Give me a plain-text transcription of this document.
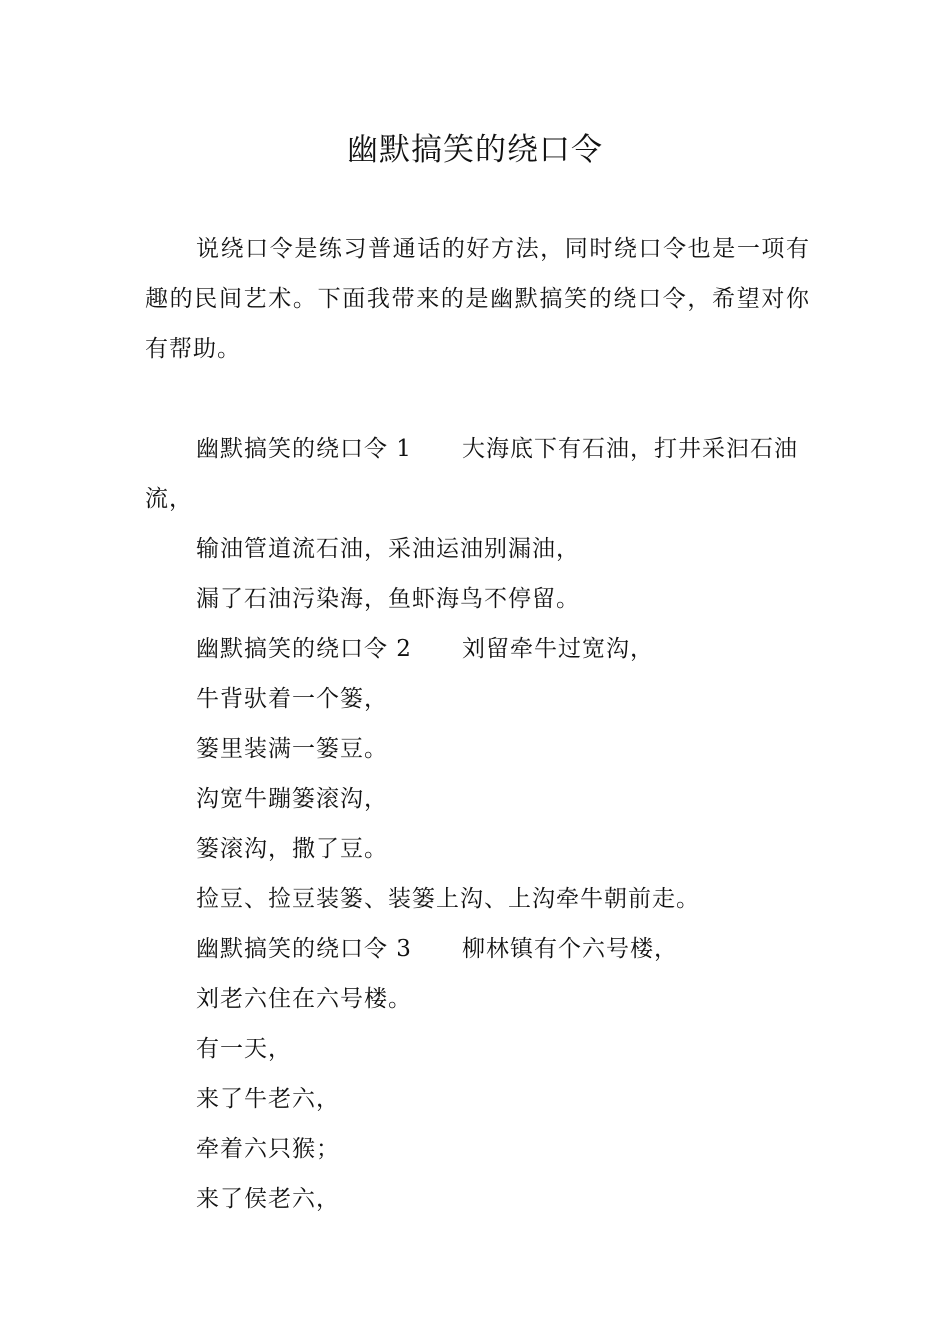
幽默搞笑的绕口令

说绕口令是练习普通话的好方法，同时绕口令也是一项有趣的民间艺术。下面我带来的是幽默搞笑的绕口令，希望对你有帮助。

幽默搞笑的绕口令 1 大海底下有石油，打井采汩石油流，

输油管道流石油，采油运油别漏油，

漏了石油污染海，鱼虾海鸟不停留。

幽默搞笑的绕口令 2 刘留牵牛过宽沟，

牛背驮着一个篓，

篓里装满一篓豆。

沟宽牛蹦篓滚沟，

篓滚沟，撒了豆。

捡豆、捡豆装篓、装篓上沟、上沟牵牛朝前走。

幽默搞笑的绕口令 3 柳林镇有个六号楼，

刘老六住在六号楼。

有一天，

来了牛老六，

牵着六只猴；

来了侯老六，
